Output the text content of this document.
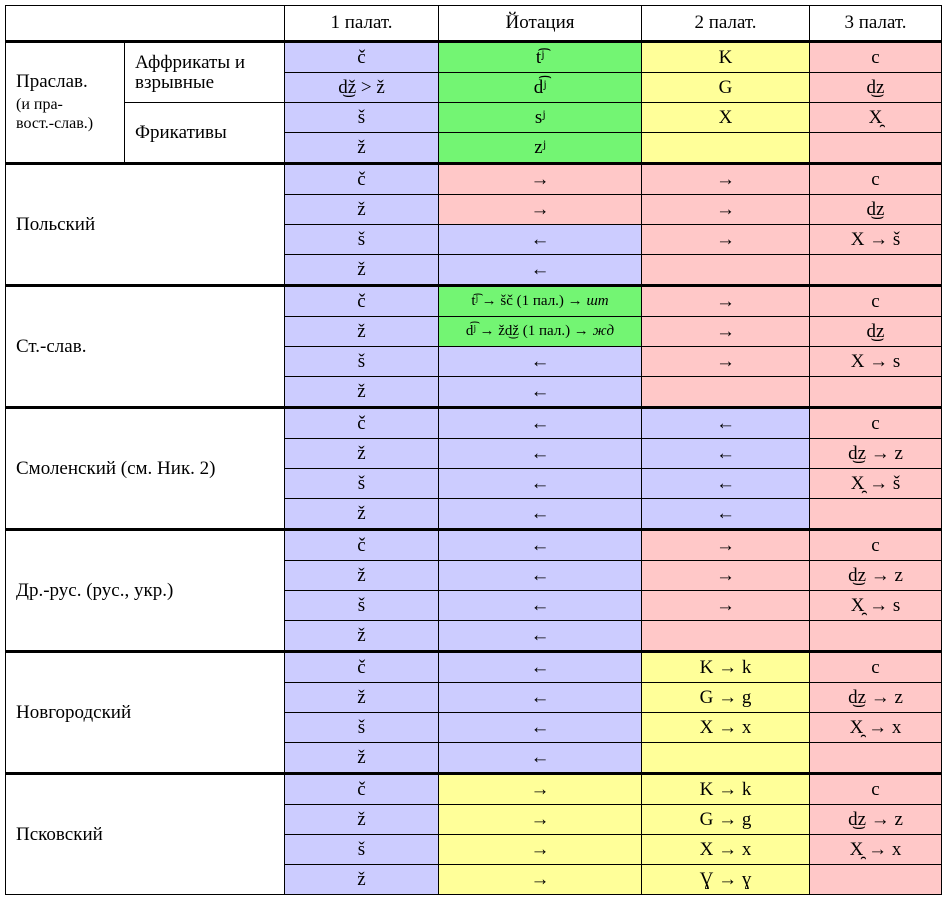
		1 палат.	Йотация	2 палат.	3 палат.
Праслав.
(и пра-
вост.-слав.)	Аффрикаты и взрывные	č	t͡ʲ	K	c
		d͜ž > ž	d͡ʲ	G	d͜z
	Фрикативы	š	sʲ	X	X̯
		ž	zʲ		
Польский		č	→	→	c
		ž	→	→	d͜z
		š	←	→	X → š
		ž	←		
Ст.-слав.		č	t͡ʲ → šč (1 пал.) → шт	→	c
		ž	d͡ʲ → žd͜ž (1 пал.) → жд	→	d͜z
		š	←	→	X → s
		ž	←		
Смоленский (см. Ник. 2)		č	←	←	c
		ž	←	←	d͜z → z
		š	←	←	X̯ → š
		ž	←	←	
Др.-рус. (рус., укр.)		č	←	→	c
		ž	←	→	d͜z → z
		š	←	→	X̯ → s
		ž	←		
Новгородский		č	←	K → k	c
		ž	←	G → g	d͜z → z
		š	←	X → x	X̯ → x
		ž	←		
Псковский		č	→	K → k	c
		ž	→	G → g	d͜z → z
		š	→	X → x	X̯ → x
		ž	→	Ɣ → ɣ	
